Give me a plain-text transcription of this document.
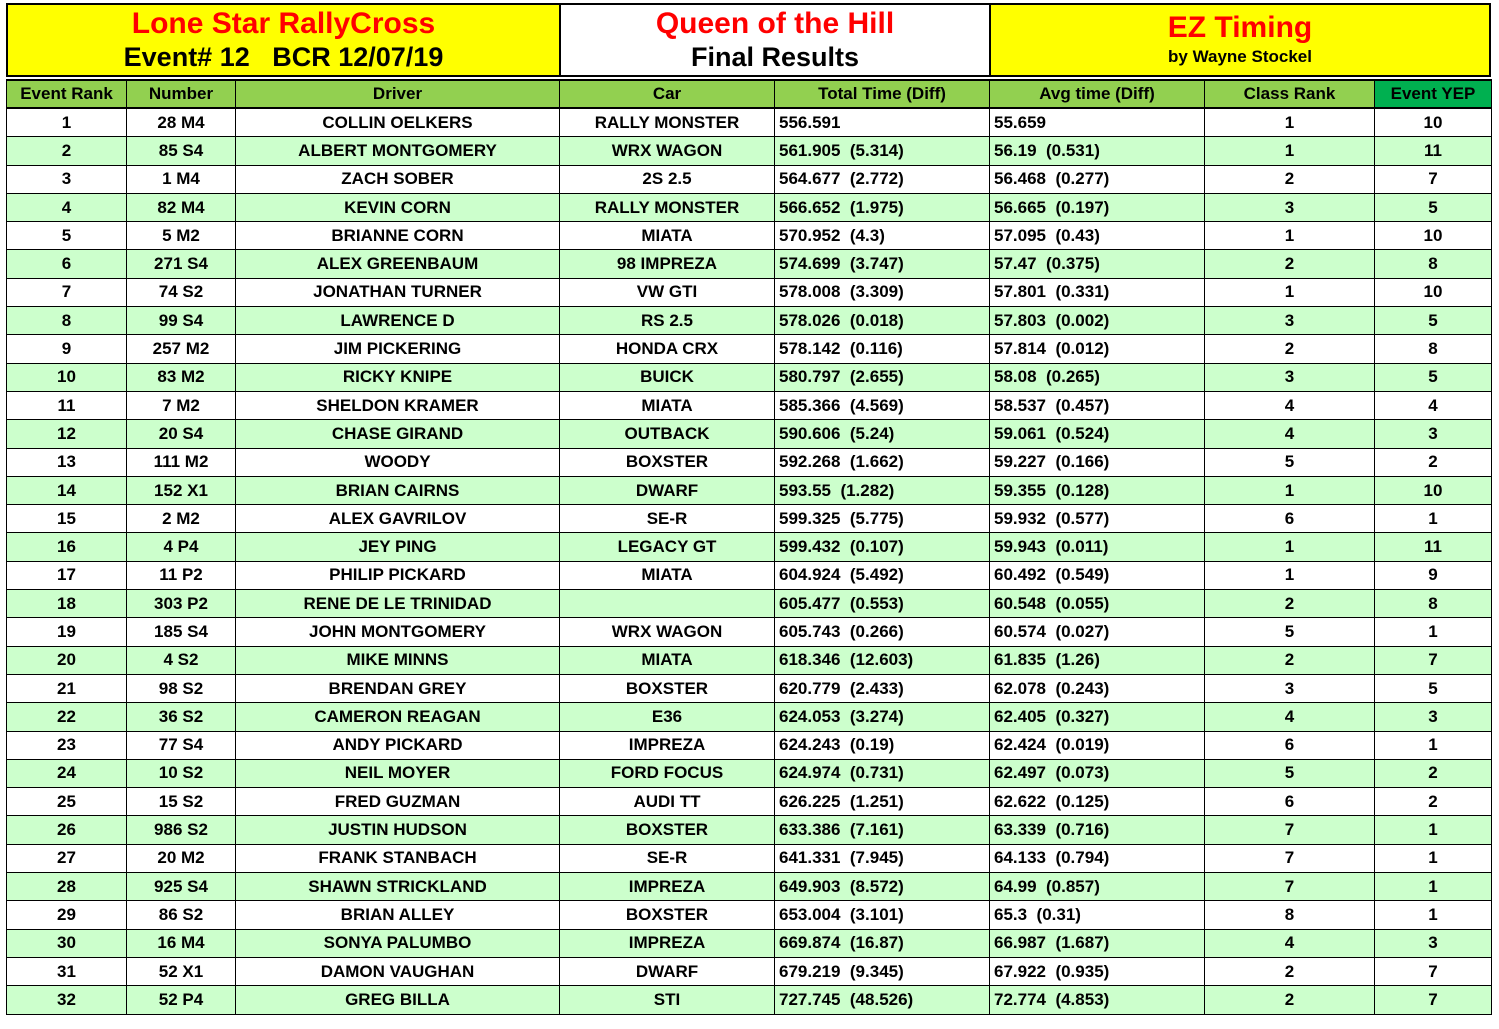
Lone Star RallyCross
Event# 12   BCR 12/07/19
Queen of the Hill
Final Results
EZ Timing
by Wayne Stockel
Event Rank	Number	Driver	Car	Total Time (Diff)	Avg time (Diff)	Class Rank	Event YEP
1	28 M4	COLLIN OELKERS	RALLY MONSTER	556.591	55.659	1	10
2	85 S4	ALBERT MONTGOMERY	WRX WAGON	561.905  (5.314)	56.19  (0.531)	1	11
3	1 M4	ZACH SOBER	2S 2.5	564.677  (2.772)	56.468  (0.277)	2	7
4	82 M4	KEVIN CORN	RALLY MONSTER	566.652  (1.975)	56.665  (0.197)	3	5
5	5 M2	BRIANNE CORN	MIATA	570.952  (4.3)	57.095  (0.43)	1	10
6	271 S4	ALEX GREENBAUM	98 IMPREZA	574.699  (3.747)	57.47  (0.375)	2	8
7	74 S2	JONATHAN TURNER	VW GTI	578.008  (3.309)	57.801  (0.331)	1	10
8	99 S4	LAWRENCE D	RS 2.5	578.026  (0.018)	57.803  (0.002)	3	5
9	257 M2	JIM PICKERING	HONDA CRX	578.142  (0.116)	57.814  (0.012)	2	8
10	83 M2	RICKY KNIPE	BUICK	580.797  (2.655)	58.08  (0.265)	3	5
11	7 M2	SHELDON KRAMER	MIATA	585.366  (4.569)	58.537  (0.457)	4	4
12	20 S4	CHASE GIRAND	OUTBACK	590.606  (5.24)	59.061  (0.524)	4	3
13	111 M2	WOODY	BOXSTER	592.268  (1.662)	59.227  (0.166)	5	2
14	152 X1	BRIAN CAIRNS	DWARF	593.55  (1.282)	59.355  (0.128)	1	10
15	2 M2	ALEX GAVRILOV	SE-R	599.325  (5.775)	59.932  (0.577)	6	1
16	4 P4	JEY PING	LEGACY GT	599.432  (0.107)	59.943  (0.011)	1	11
17	11 P2	PHILIP PICKARD	MIATA	604.924  (5.492)	60.492  (0.549)	1	9
18	303 P2	RENE DE LE TRINIDAD		605.477  (0.553)	60.548  (0.055)	2	8
19	185 S4	JOHN MONTGOMERY	WRX WAGON	605.743  (0.266)	60.574  (0.027)	5	1
20	4 S2	MIKE MINNS	MIATA	618.346  (12.603)	61.835  (1.26)	2	7
21	98 S2	BRENDAN GREY	BOXSTER	620.779  (2.433)	62.078  (0.243)	3	5
22	36 S2	CAMERON REAGAN	E36	624.053  (3.274)	62.405  (0.327)	4	3
23	77 S4	ANDY PICKARD	IMPREZA	624.243  (0.19)	62.424  (0.019)	6	1
24	10 S2	NEIL MOYER	FORD FOCUS	624.974  (0.731)	62.497  (0.073)	5	2
25	15 S2	FRED GUZMAN	AUDI TT	626.225  (1.251)	62.622  (0.125)	6	2
26	986 S2	JUSTIN HUDSON	BOXSTER	633.386  (7.161)	63.339  (0.716)	7	1
27	20 M2	FRANK STANBACH	SE-R	641.331  (7.945)	64.133  (0.794)	7	1
28	925 S4	SHAWN STRICKLAND	IMPREZA	649.903  (8.572)	64.99  (0.857)	7	1
29	86 S2	BRIAN ALLEY	BOXSTER	653.004  (3.101)	65.3  (0.31)	8	1
30	16 M4	SONYA PALUMBO	IMPREZA	669.874  (16.87)	66.987  (1.687)	4	3
31	52 X1	DAMON VAUGHAN	DWARF	679.219  (9.345)	67.922  (0.935)	2	7
32	52 P4	GREG BILLA	STI	727.745  (48.526)	72.774  (4.853)	2	7
